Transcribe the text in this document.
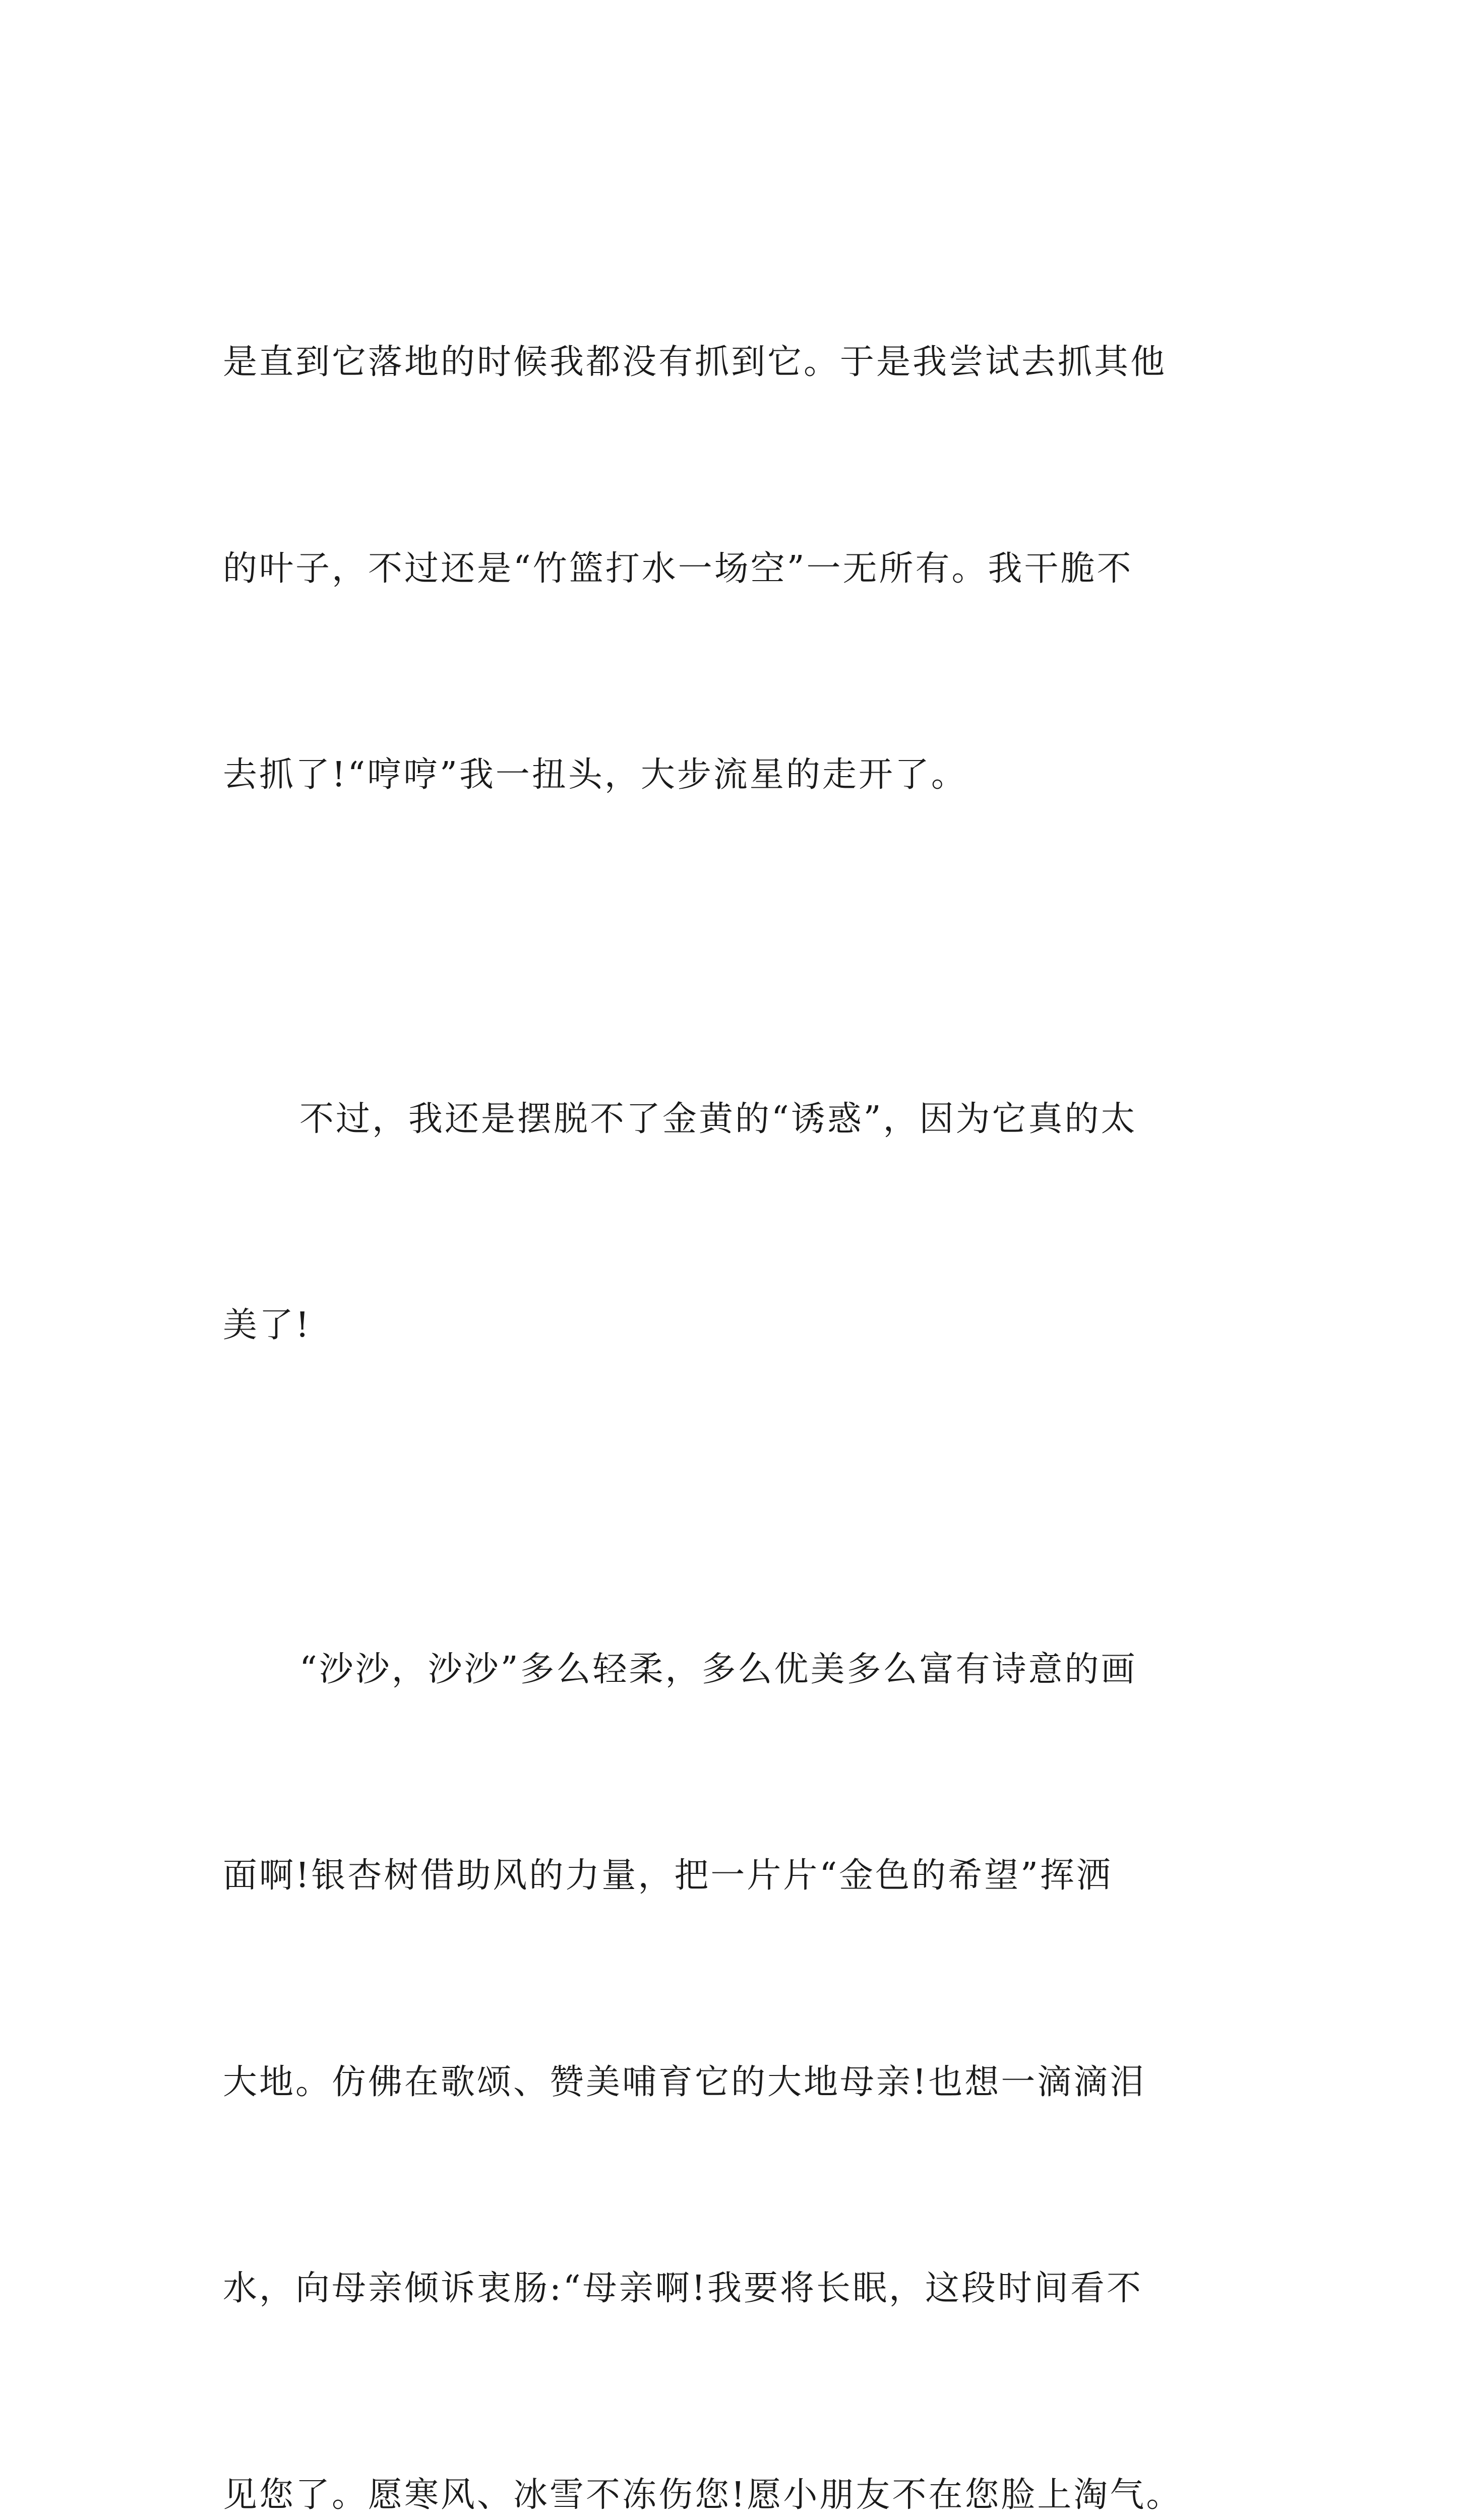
是直到它落地的时候我都没有抓到它。于是我尝试去抓其他

的叶子，不过还是“竹篮打水一场空”一无所有。我干脆不

去抓了!“哼哼”我一扭头，大步流星的走开了。

不过，我还是摆脱不了金黄的“诱惑”，因为它真的太

美了!

“沙沙，沙沙”多么轻柔，多么优美多么富有诗意的画

面啊!银杏树借助风的力量，把一片片“金色的希望”挥洒

大地。仿佛在歌颂、赞美哺育它的大地母亲!也想一滴滴泪

水，向母亲倾诉衷肠:“母亲啊!我要将长眠，这段时间看不

见您了。愿寒风、冰雪不冻伤您!愿小朋友不在您脸上淘气。
